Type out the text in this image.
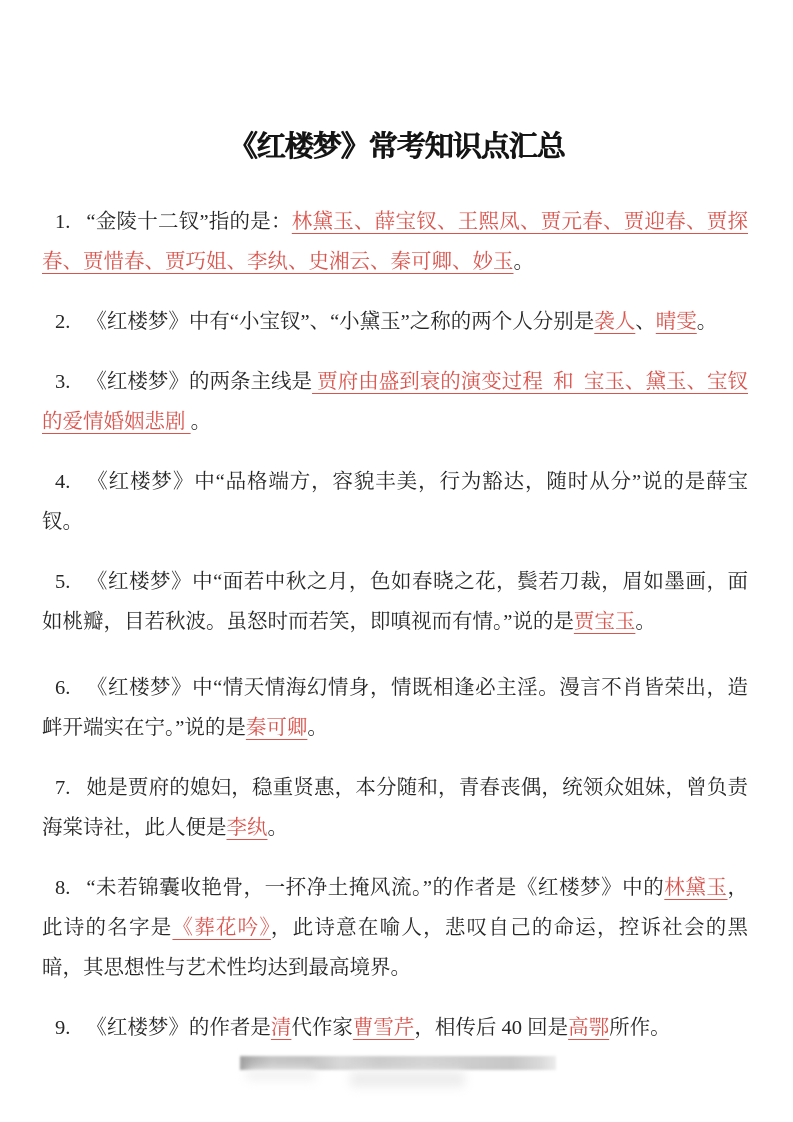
《红楼梦》常考知识点汇总

1. “金陵十二钗”指的是：林黛玉、薛宝钗、王熙凤、贾元春、贾迎春、贾探春、贾惜春、贾巧姐、李纨、史湘云、秦可卿、妙玉。

2. 《红楼梦》中有“小宝钗”、“小黛玉”之称的两个人分别是袭人、晴雯。

3. 《红楼梦》的两条主线是 贾府由盛到衰的演变过程  和  宝玉、黛玉、宝钗的爱情婚姻悲剧 。

4. 《红楼梦》中“品格端方，容貌丰美，行为豁达，随时从分”说的是薛宝钗。

5. 《红楼梦》中“面若中秋之月，色如春晓之花，鬓若刀裁，眉如墨画，面如桃瓣，目若秋波。虽怒时而若笑，即嗔视而有情。”说的是贾宝玉。

6. 《红楼梦》中“情天情海幻情身，情既相逢必主淫。漫言不肖皆荣出，造衅开端实在宁。”说的是秦可卿。

7. 她是贾府的媳妇，稳重贤惠，本分随和，青春丧偶，统领众姐妹，曾负责海棠诗社，此人便是李纨。

8. “未若锦囊收艳骨，一抔净土掩风流。”的作者是《红楼梦》中的林黛玉，此诗的名字是《葬花吟》，此诗意在喻人，悲叹自己的命运，控诉社会的黑暗，其思想性与艺术性均达到最高境界。

9. 《红楼梦》的作者是清代作家曹雪芹，相传后 40 回是高鄂所作。
